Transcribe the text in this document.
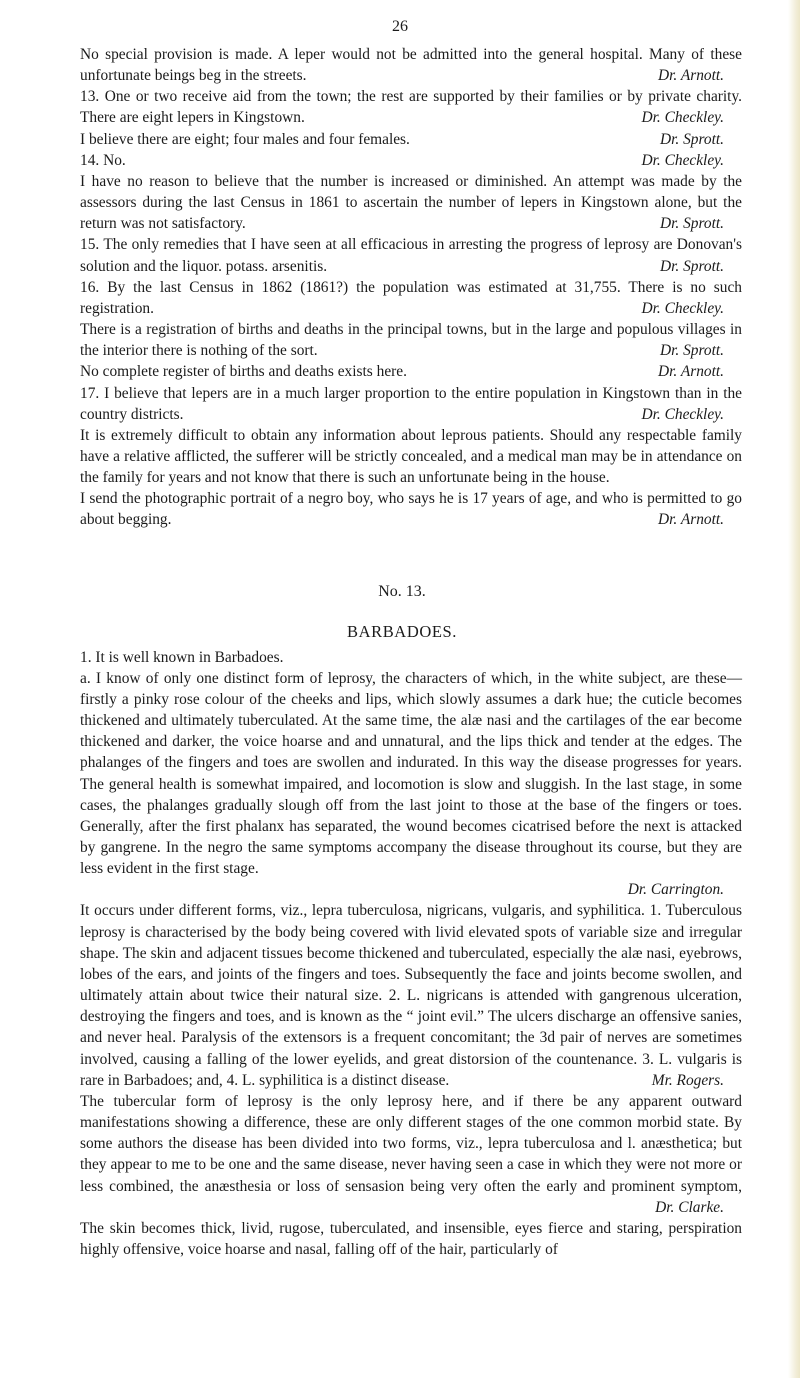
26

No special provision is made. A leper would not be admitted into the general hospital. Many of these unfortunate beings beg in the streets.	Dr. Arnott.

13. One or two receive aid from the town; the rest are supported by their families or by private charity. There are eight lepers in Kingstown.	Dr. Checkley.

I believe there are eight; four males and four females.	Dr. Sprott.

14. No.	Dr. Checkley.

I have no reason to believe that the number is increased or diminished. An attempt was made by the assessors during the last Census in 1861 to ascertain the number of lepers in Kingstown alone, but the return was not satisfactory.	Dr. Sprott.

15. The only remedies that I have seen at all efficacious in arresting the progress of leprosy are Donovan's solution and the liquor. potass. arsenitis.	Dr. Sprott.

16. By the last Census in 1862 (1861?) the population was estimated at 31,755. There is no such registration.	Dr. Checkley.

There is a registration of births and deaths in the principal towns, but in the large and populous villages in the interior there is nothing of the sort.	Dr. Sprott.

No complete register of births and deaths exists here.	Dr. Arnott.

17. I believe that lepers are in a much larger proportion to the entire population in Kingstown than in the country districts.	Dr. Checkley.

It is extremely difficult to obtain any information about leprous patients. Should any respectable family have a relative afflicted, the sufferer will be strictly concealed, and a medical man may be in attendance on the family for years and not know that there is such an unfortunate being in the house.

I send the photographic portrait of a negro boy, who says he is 17 years of age, and who is permitted to go about begging.	Dr. Arnott.

No. 13.
BARBADOES.

1. It is well known in Barbadoes.

a. I know of only one distinct form of leprosy, the characters of which, in the white subject, are these—firstly a pinky rose colour of the cheeks and lips, which slowly assumes a dark hue; the cuticle becomes thickened and ultimately tuberculated. At the same time, the alæ nasi and the cartilages of the ear become thickened and darker, the voice hoarse and and unnatural, and the lips thick and tender at the edges. The phalanges of the fingers and toes are swollen and indurated. In this way the disease progresses for years. The general health is somewhat impaired, and locomotion is slow and sluggish. In the last stage, in some cases, the phalanges gradually slough off from the last joint to those at the base of the fingers or toes. Generally, after the first phalanx has separated, the wound becomes cicatrised before the next is attacked by gangrene. In the negro the same symptoms accompany the disease throughout its course, but they are less evident in the first stage.

Dr. Carrington.

It occurs under different forms, viz., lepra tuberculosa, nigricans, vulgaris, and syphilitica. 1. Tuberculous leprosy is characterised by the body being covered with livid elevated spots of variable size and irregular shape. The skin and adjacent tissues become thickened and tuberculated, especially the alæ nasi, eyebrows, lobes of the ears, and joints of the fingers and toes. Subsequently the face and joints become swollen, and ultimately attain about twice their natural size. 2. L. nigricans is attended with gangrenous ulceration, destroying the fingers and toes, and is known as the “ joint evil.” The ulcers discharge an offensive sanies, and never heal. Paralysis of the extensors is a frequent concomitant; the 3d pair of nerves are sometimes involved, causing a falling of the lower eyelids, and great distorsion of the countenance. 3. L. vulgaris is rare in Barbadoes; and, 4. L. syphilitica is a distinct disease.	Mr. Rogers.

The tubercular form of leprosy is the only leprosy here, and if there be any apparent outward manifestations showing a difference, these are only different stages of the one common morbid state. By some authors the disease has been divided into two forms, viz., lepra tuberculosa and l. anæsthetica; but they appear to me to be one and the same disease, never having seen a case in which they were not more or less combined, the anæsthesia or loss of sensasion being very often the early and prominent symptom, Dr. Clarke.

The skin becomes thick, livid, rugose, tuberculated, and insensible, eyes fierce and staring, perspiration highly offensive, voice hoarse and nasal, falling off of the hair, particularly of
